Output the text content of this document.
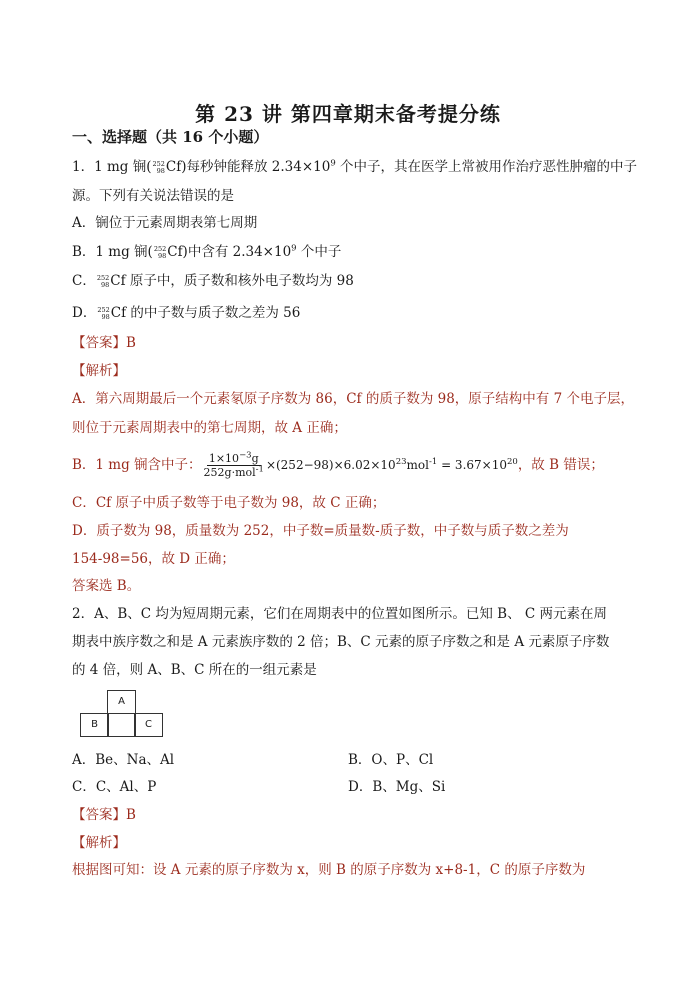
第 23 讲 第四章期末备考提分练
一、选择题（共 16 个小题）
1．1 mg 锎( 252
98 Cf)每秒钟能释放 $2.34\times 10^9$ 个中子，其在医学上常被用作治疗恶性肿瘤的中子
源。下列有关说法错误的是
A．锎位于元素周期表第七周期
B．1 mg 锎( 252
98 Cf)中含有 $2.34\times 10^9$ 个中子
C． 252
98 Cf 原子中，质子数和核外电子数均为 98
D． 252
98 Cf 的中子数与质子数之差为 56
【答案】B
【解析】
A．第六周期最后一个元素氡原子序数为 86，Cf 的质子数为 98，原子结构中有 7 个电子层，
则位于元素周期表中的第七周期，故 A 正确；
B．1 mg 锎含中子： $\frac{1\times 10^{-3}g}{252g\cdot mol^{-1}} \times(252-98)\times 6.02\times 10^{23}mol^{-1} = 3.67\times 10^{20}$，故 B 错误；
C．Cf 原子中质子数等于电子数为 98，故 C 正确；
D．质子数为 98，质量数为 252，中子数=质量数-质子数，中子数与质子数之差为
154-98=56，故 D 正确；
答案选 B。
2．A、B、C 均为短周期元素，它们在周期表中的位置如图所示。已知 B、 C 两元素在周
期表中族序数之和是 A 元素族序数的 2 倍；B、C 元素的原子序数之和是 A 元素原子序数
的 4 倍，则 A、B、C 所在的一组元素是
A
B	C
A．Be、Na、Al	B．O、P、Cl
C．C、Al、P	D．B、Mg、Si
【答案】B
【解析】
根据图可知：设 A 元素的原子序数为 x，则 B 的原子序数为 x+8-1，C 的原子序数为
